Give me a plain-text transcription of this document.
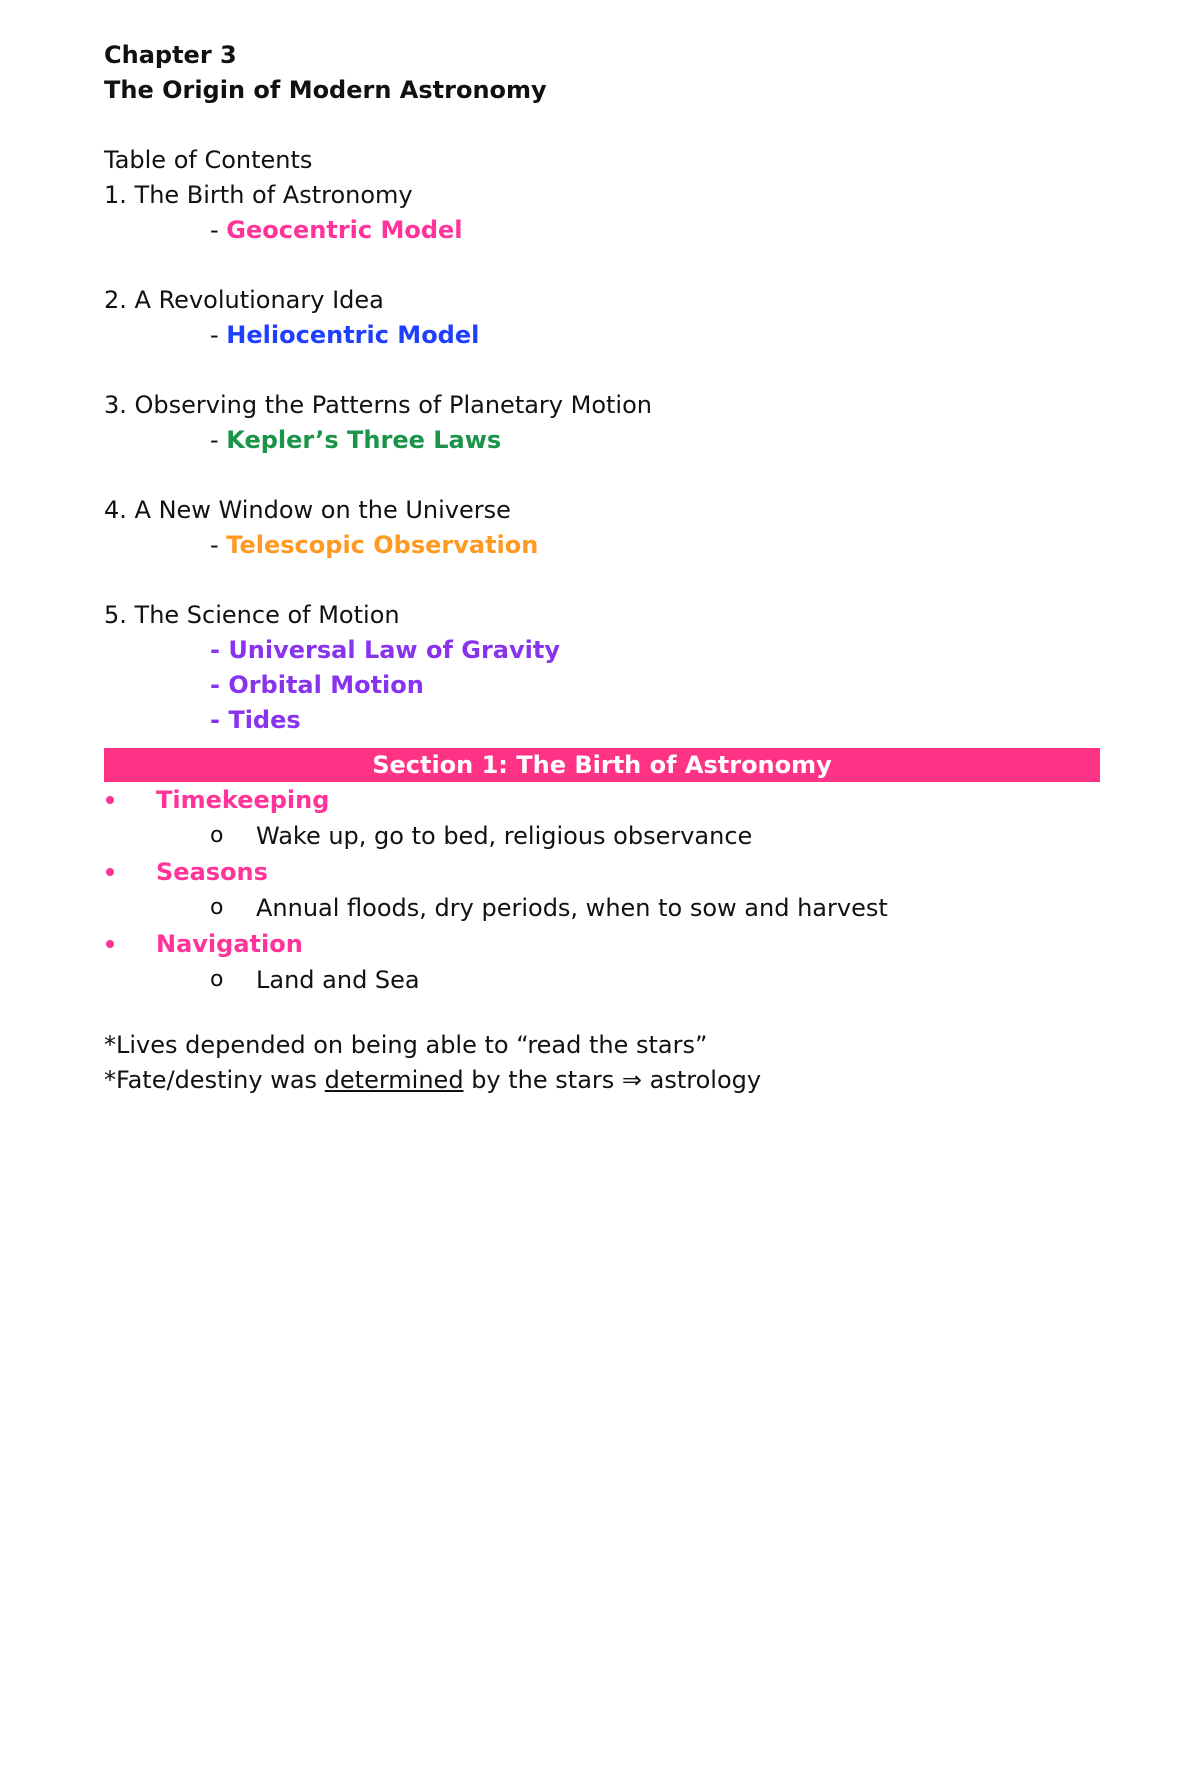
Chapter 3
The Origin of Modern Astronomy
Table of Contents
1. The Birth of Astronomy
- Geocentric Model
2. A Revolutionary Idea
- Heliocentric Model
3. Observing the Patterns of Planetary Motion
- Kepler’s Three Laws
4. A New Window on the Universe
- Telescopic Observation
5. The Science of Motion
- Universal Law of Gravity
- Orbital Motion
- Tides
Section 1: The Birth of Astronomy
Timekeeping
o	Wake up, go to bed, religious observance
Seasons
o	Annual floods, dry periods, when to sow and harvest
Navigation
o	Land and Sea
*Lives depended on being able to “read the stars”
*Fate/destiny was determined by the stars ⇒ astrology
